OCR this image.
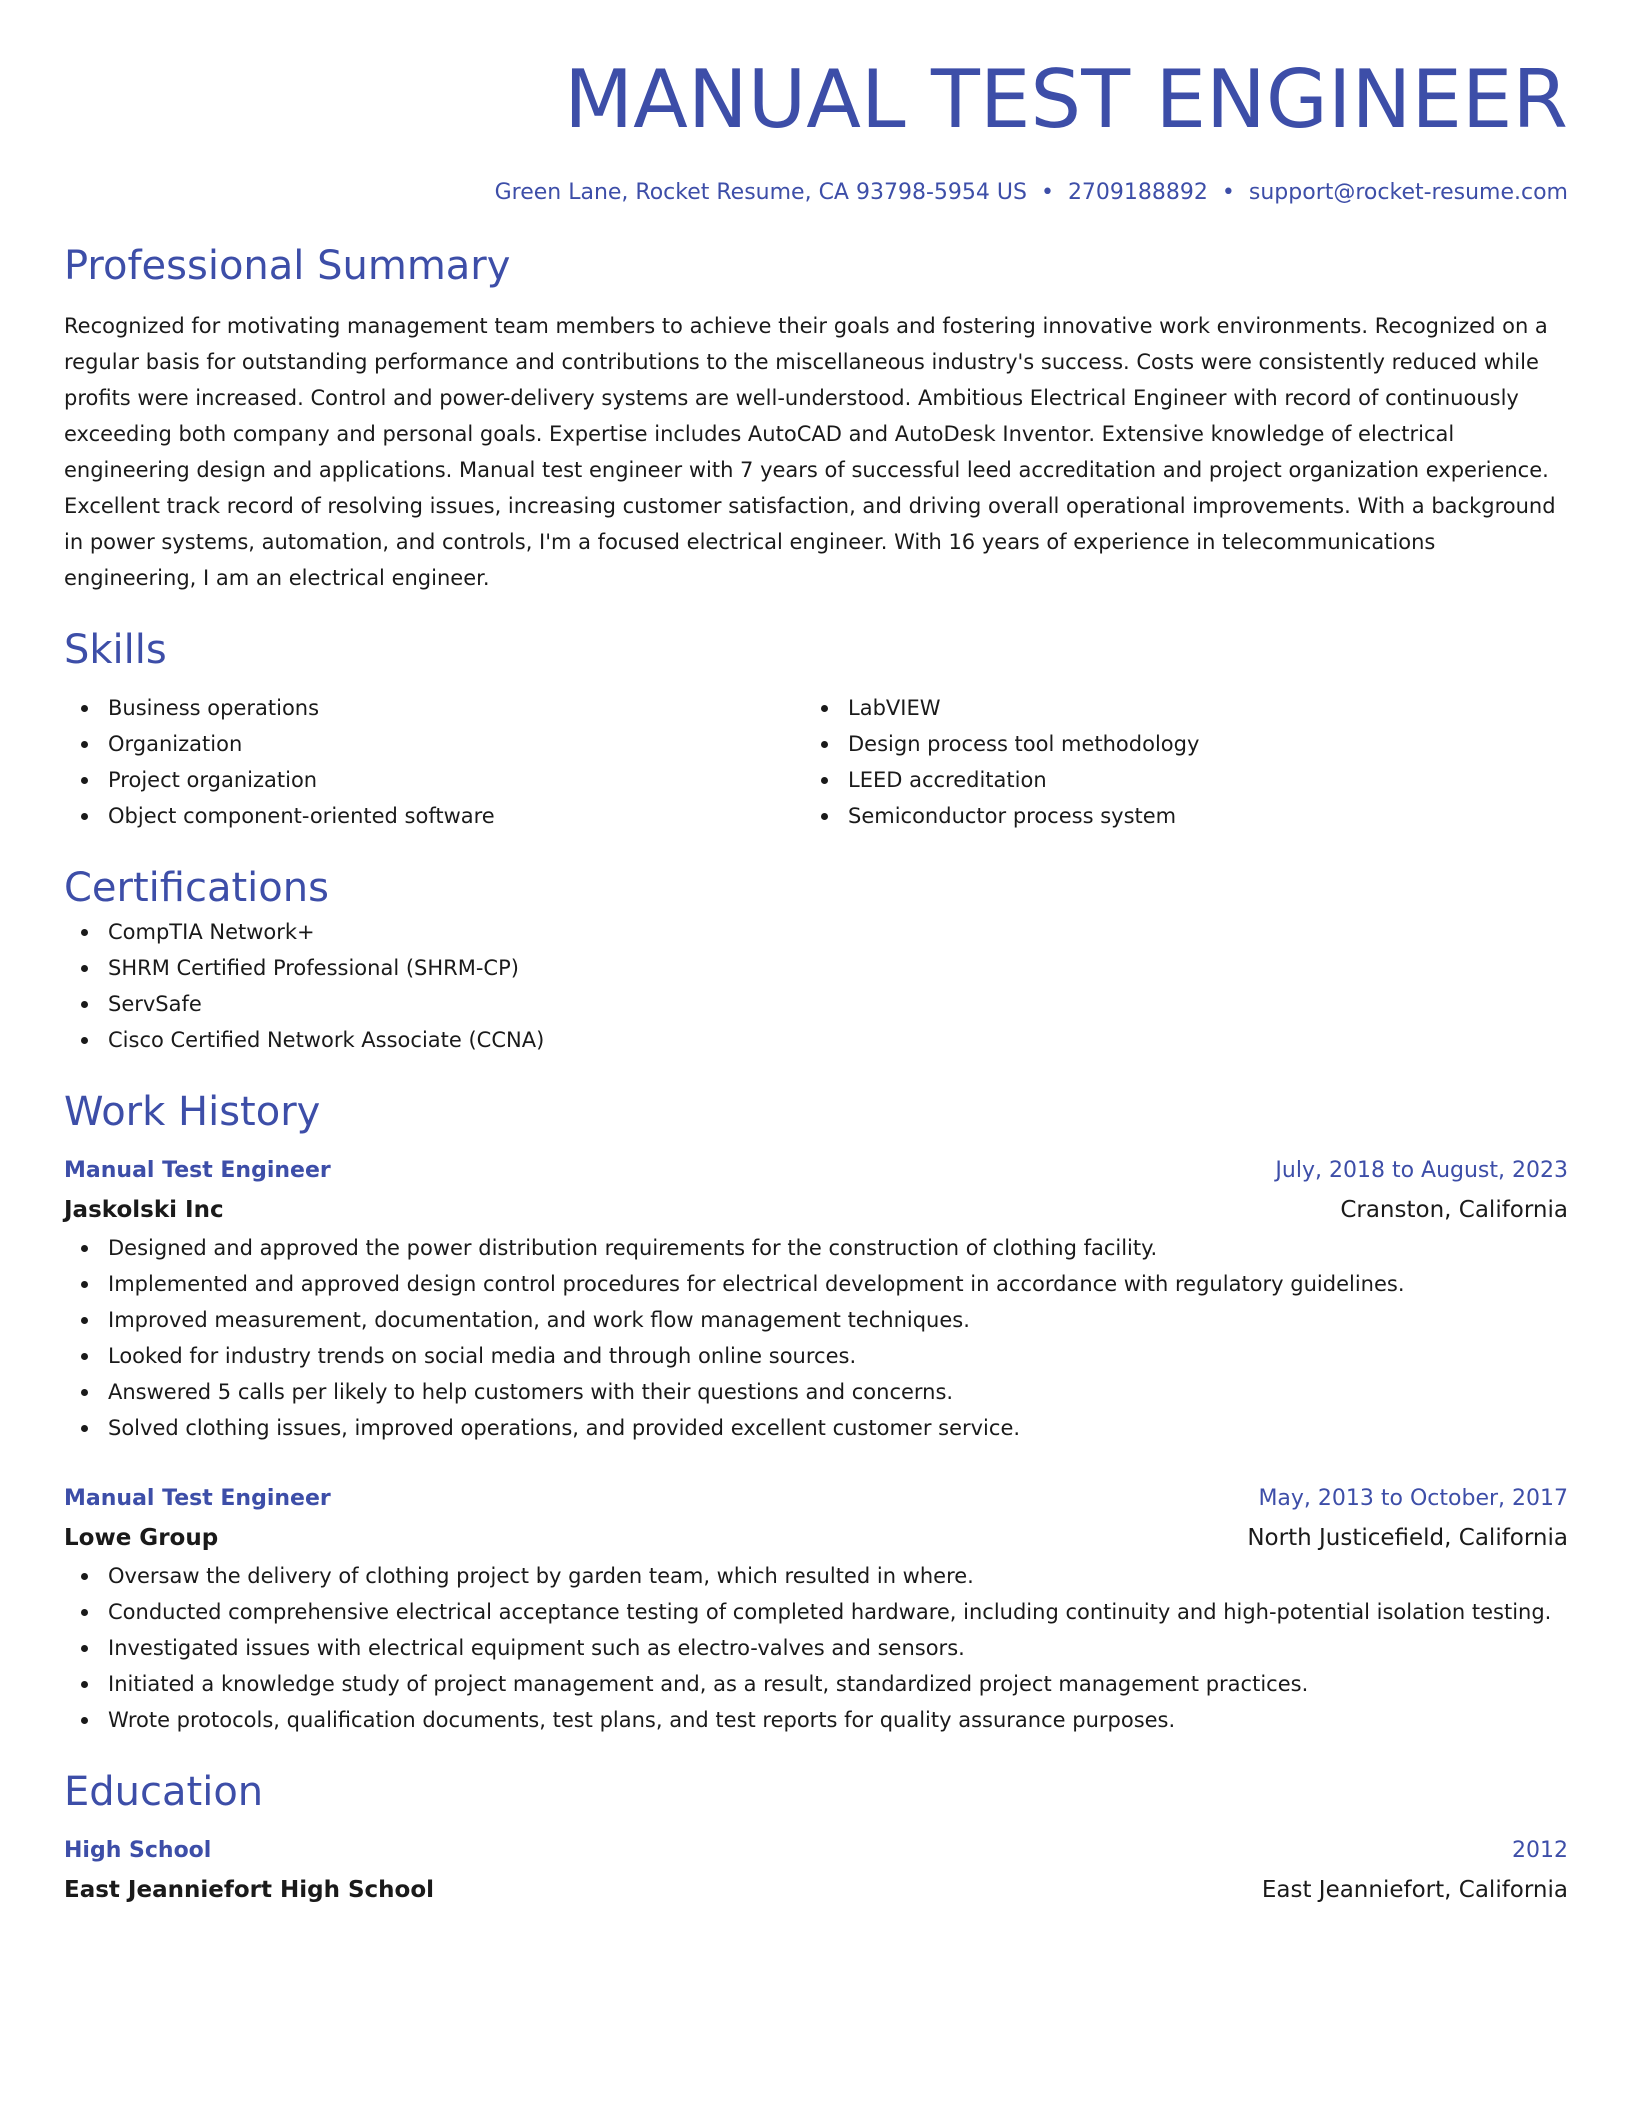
MANUAL TEST ENGINEER
Green Lane, Rocket Resume, CA 93798-5954 US • 2709188892 • support@rocket-resume.com
Professional Summary
Recognized for motivating management team members to achieve their goals and fostering innovative work environments. Recognized on a regular basis for outstanding performance and contributions to the miscellaneous industry's success. Costs were consistently reduced while profits were increased. Control and power-delivery systems are well-understood. Ambitious Electrical Engineer with record of continuously exceeding both company and personal goals. Expertise includes AutoCAD and AutoDesk Inventor. Extensive knowledge of electrical engineering design and applications. Manual test engineer with 7 years of successful leed accreditation and project organization experience. Excellent track record of resolving issues, increasing customer satisfaction, and driving overall operational improvements. With a background in power systems, automation, and controls, I'm a focused electrical engineer. With 16 years of experience in telecommunications engineering, I am an electrical engineer.
Skills
Business operations
Organization
Project organization
Object component-oriented software
LabVIEW
Design process tool methodology
LEED accreditation
Semiconductor process system
Certifications
CompTIA Network+
SHRM Certified Professional (SHRM-CP)
ServSafe
Cisco Certified Network Associate (CCNA)
Work History
Manual Test Engineer	July, 2018 to August, 2023
Jaskolski Inc	Cranston, California
Designed and approved the power distribution requirements for the construction of clothing facility.
Implemented and approved design control procedures for electrical development in accordance with regulatory guidelines.
Improved measurement, documentation, and work flow management techniques.
Looked for industry trends on social media and through online sources.
Answered 5 calls per likely to help customers with their questions and concerns.
Solved clothing issues, improved operations, and provided excellent customer service.
Manual Test Engineer	May, 2013 to October, 2017
Lowe Group	North Justicefield, California
Oversaw the delivery of clothing project by garden team, which resulted in where.
Conducted comprehensive electrical acceptance testing of completed hardware, including continuity and high-potential isolation testing.
Investigated issues with electrical equipment such as electro-valves and sensors.
Initiated a knowledge study of project management and, as a result, standardized project management practices.
Wrote protocols, qualification documents, test plans, and test reports for quality assurance purposes.
Education
High School	2012
East Jeanniefort High School	East Jeanniefort, California
